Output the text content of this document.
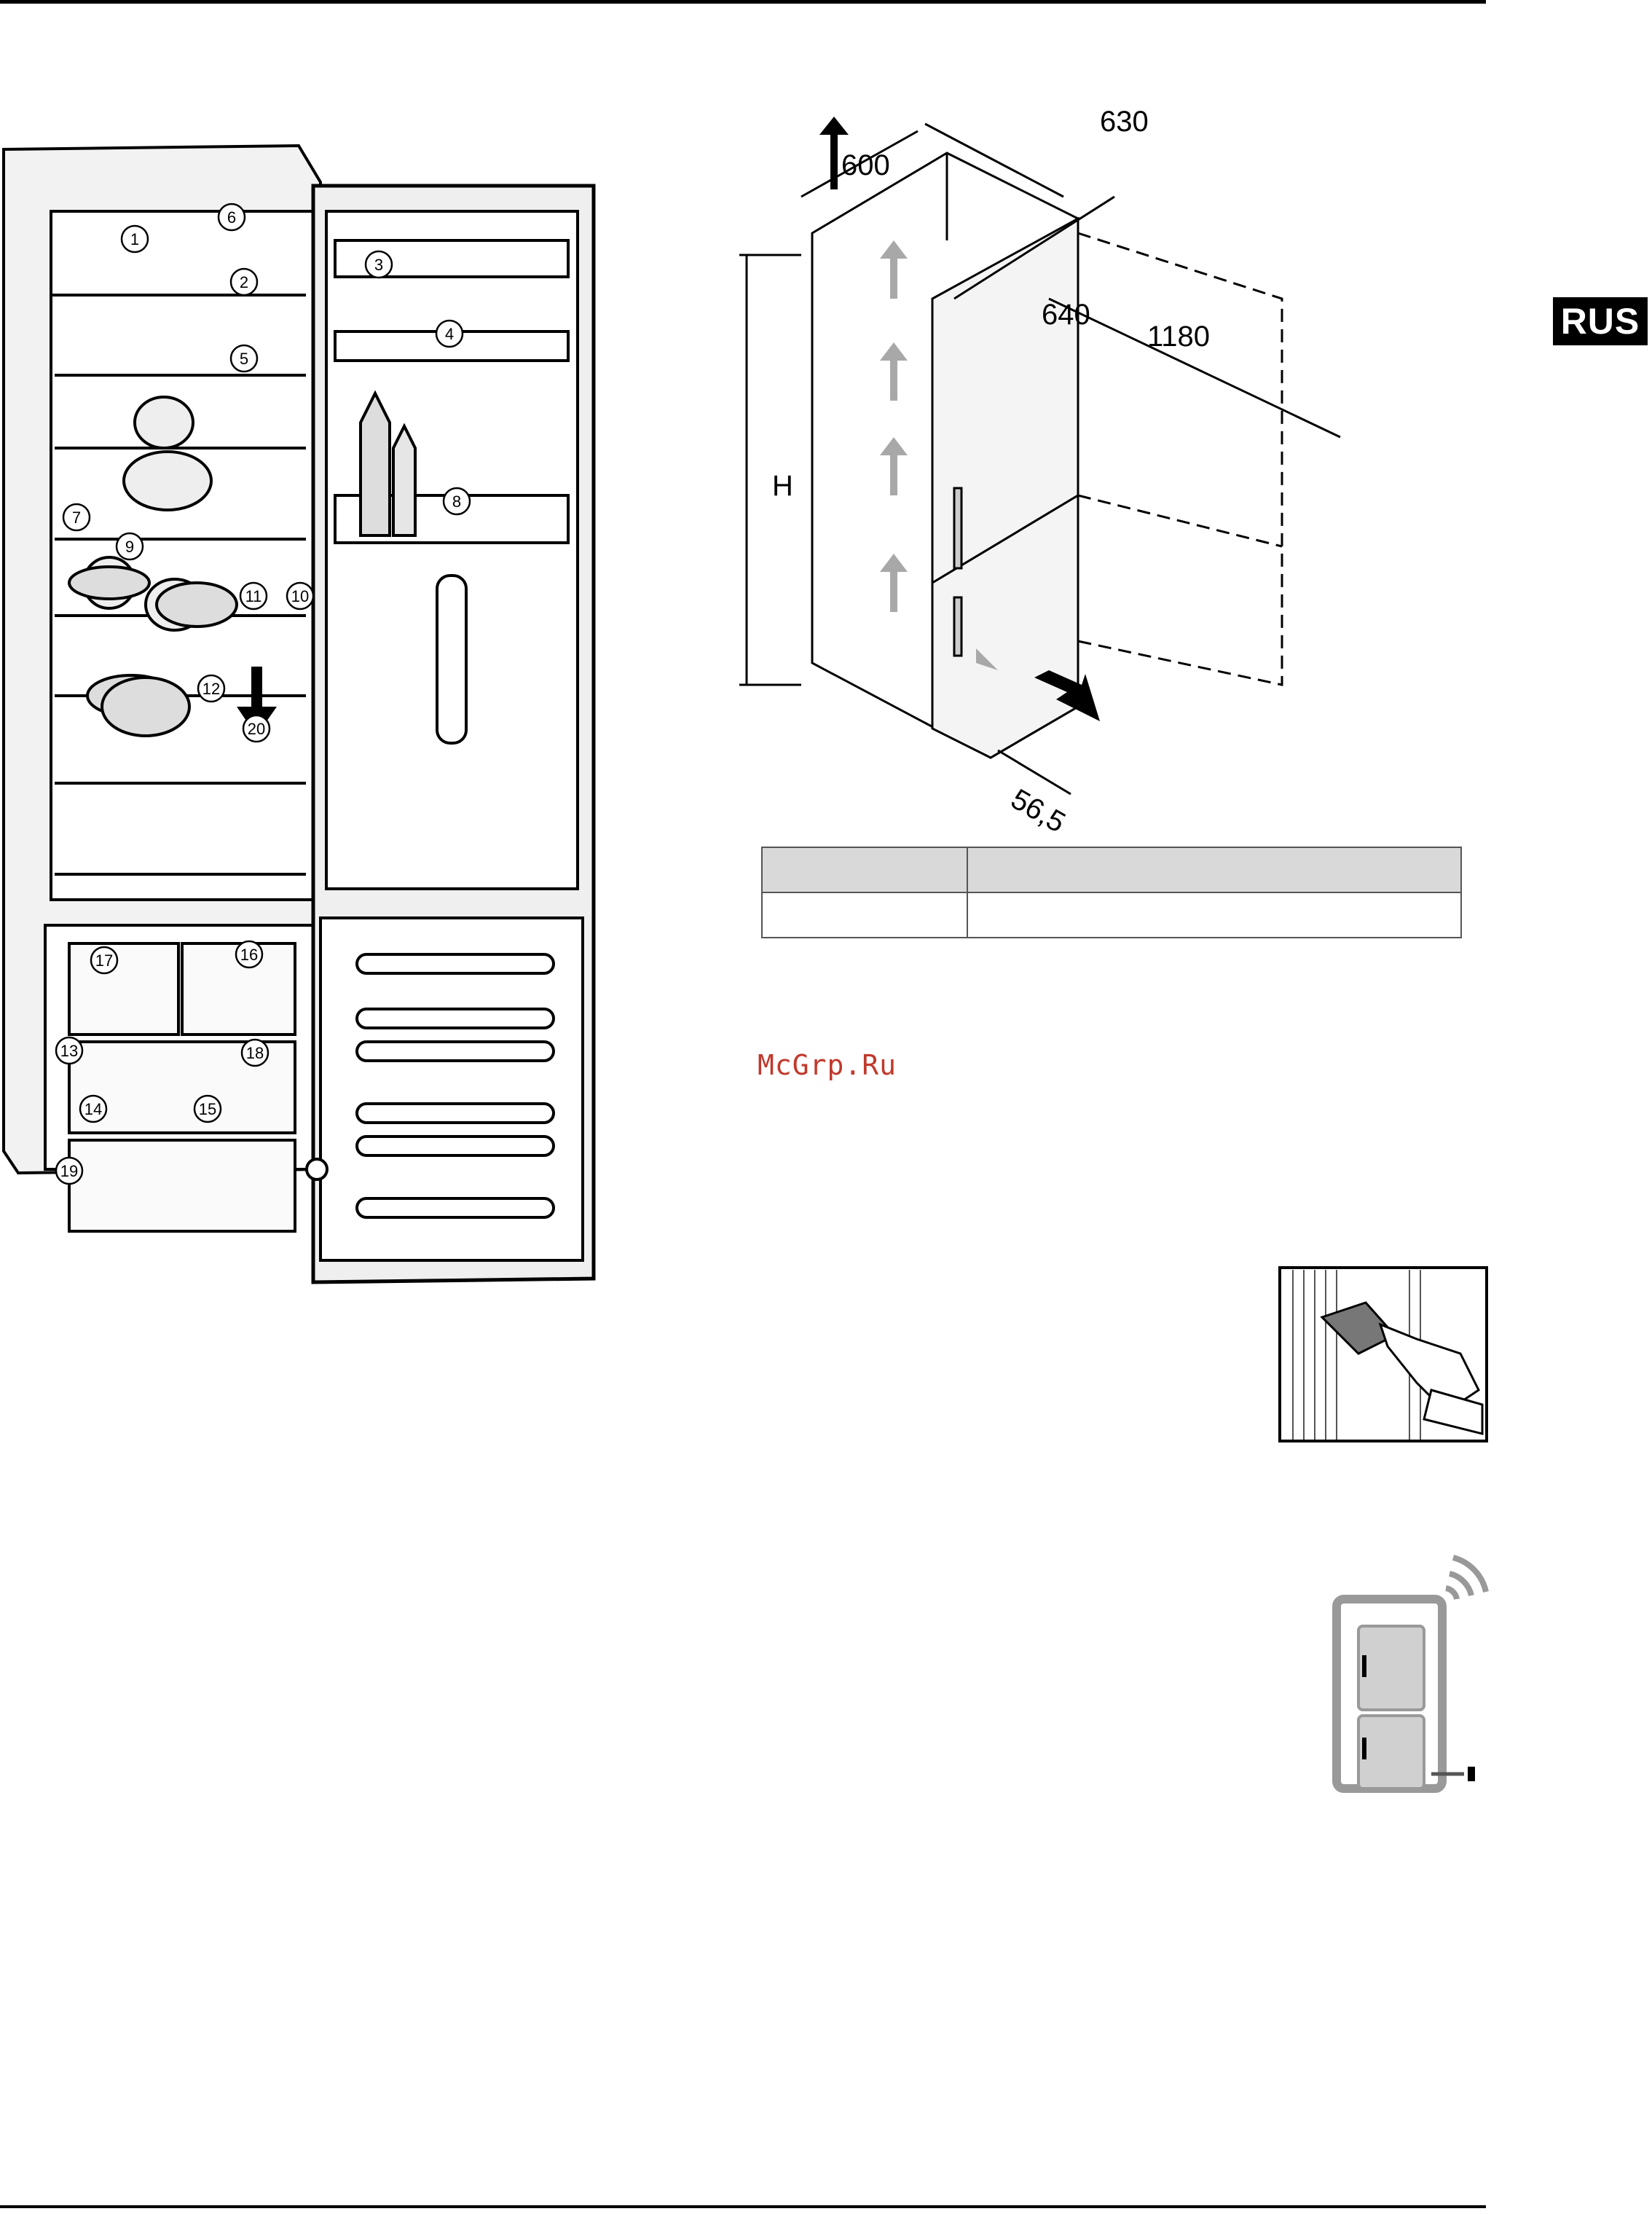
RUS
1
2
3
4
5
6
7
8
9
10
11
12
13
14	15
16
17
18
19
20
600
630
640
1180
H
56,5

McGrp.Ru
